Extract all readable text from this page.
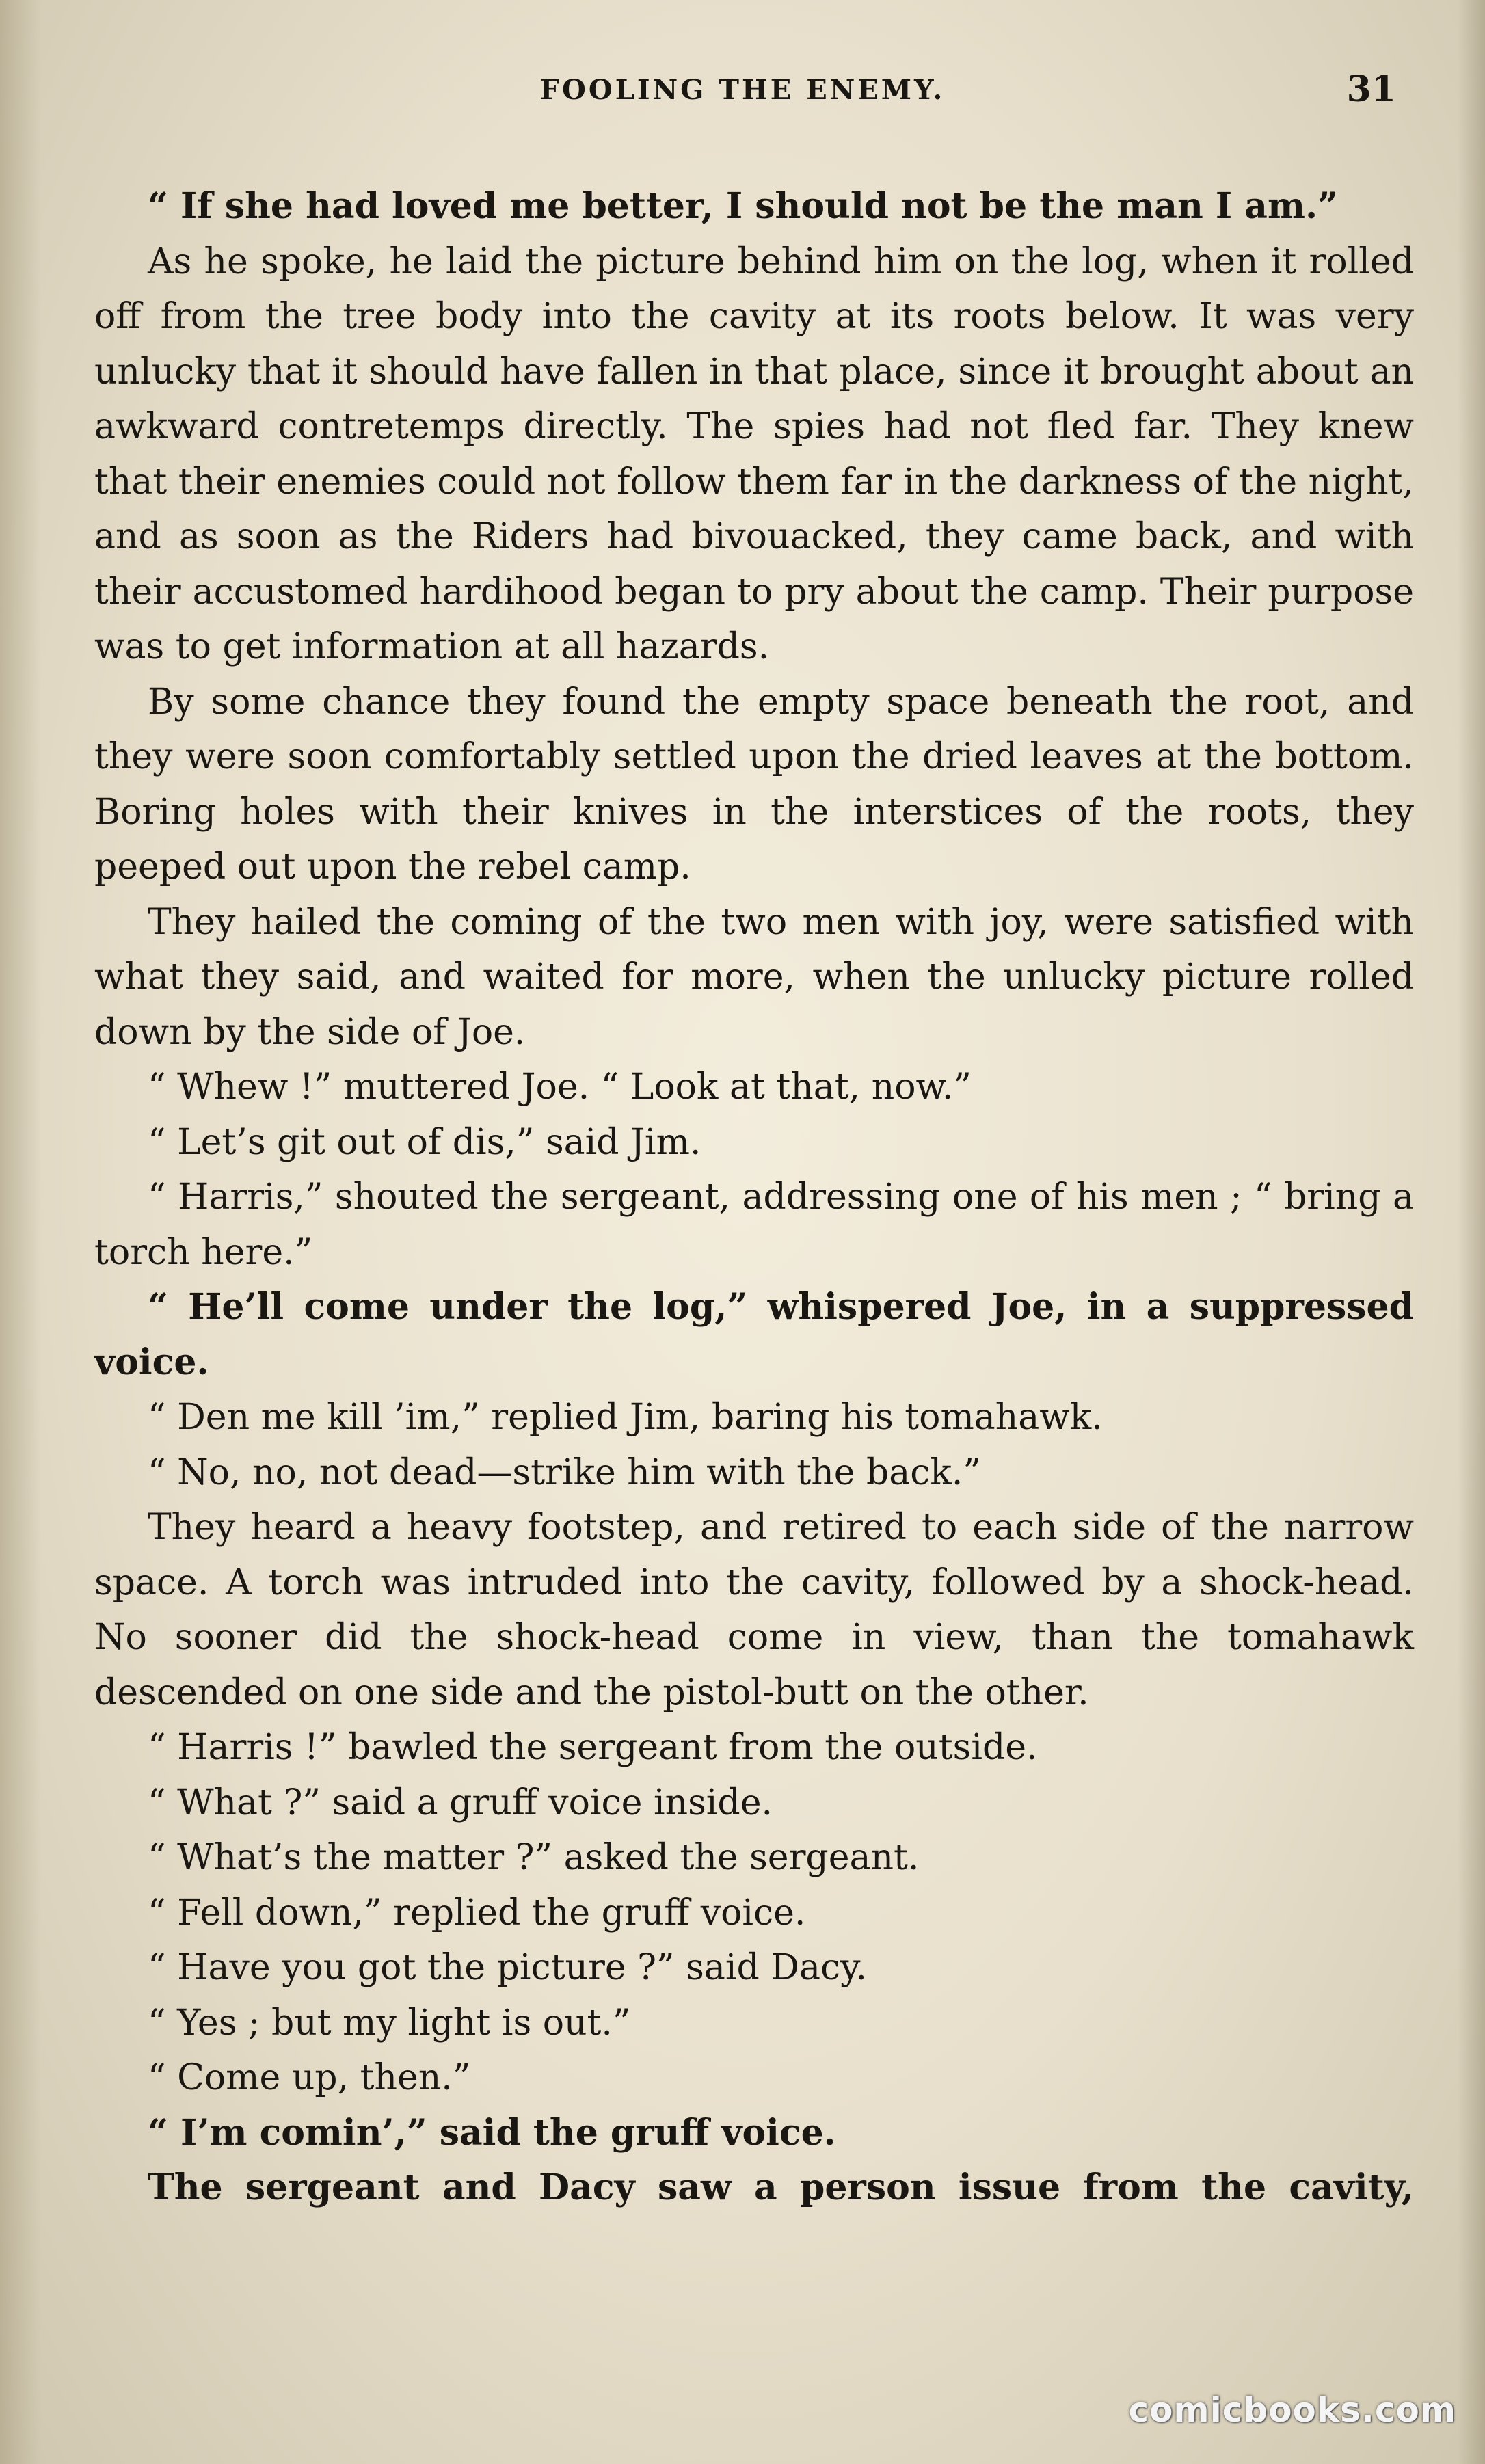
FOOLING THE ENEMY.	31

“ If she had loved me better, I should not be the man I am.”

As he spoke, he laid the picture behind him on the log, when it rolled off from the tree body into the cavity at its roots below. It was very unlucky that it should have fallen in that place, since it brought about an awkward contretemps directly. The spies had not fled far. They knew that their enemies could not follow them far in the darkness of the night, and as soon as the Riders had bivouacked, they came back, and with their accustomed hardihood began to pry about the camp. Their purpose was to get information at all hazards.

By some chance they found the empty space beneath the root, and they were soon comfortably settled upon the dried leaves at the bottom. Boring holes with their knives in the interstices of the roots, they peeped out upon the rebel camp.

They hailed the coming of the two men with joy, were satisfied with what they said, and waited for more, when the unlucky picture rolled down by the side of Joe.

“ Whew !” muttered Joe. “ Look at that, now.”

“ Let’s git out of dis,” said Jim.

“ Harris,” shouted the sergeant, addressing one of his men ; “ bring a torch here.”

“ He’ll come under the log,” whispered Joe, in a suppressed voice.

“ Den me kill ’im,” replied Jim, baring his tomahawk.

“ No, no, not dead—strike him with the back.”

They heard a heavy footstep, and retired to each side of the narrow space. A torch was intruded into the cavity, followed by a shock-head. No sooner did the shock-head come in view, than the tomahawk descended on one side and the pistol-butt on the other.

“ Harris !” bawled the sergeant from the outside.

“ What ?” said a gruff voice inside.

“ What’s the matter ?” asked the sergeant.

“ Fell down,” replied the gruff voice.

“ Have you got the picture ?” said Dacy.

“ Yes ; but my light is out.”

“ Come up, then.”

“ I’m comin’,” said the gruff voice.

The sergeant and Dacy saw a person issue from the cavity,

comicbooks.com
